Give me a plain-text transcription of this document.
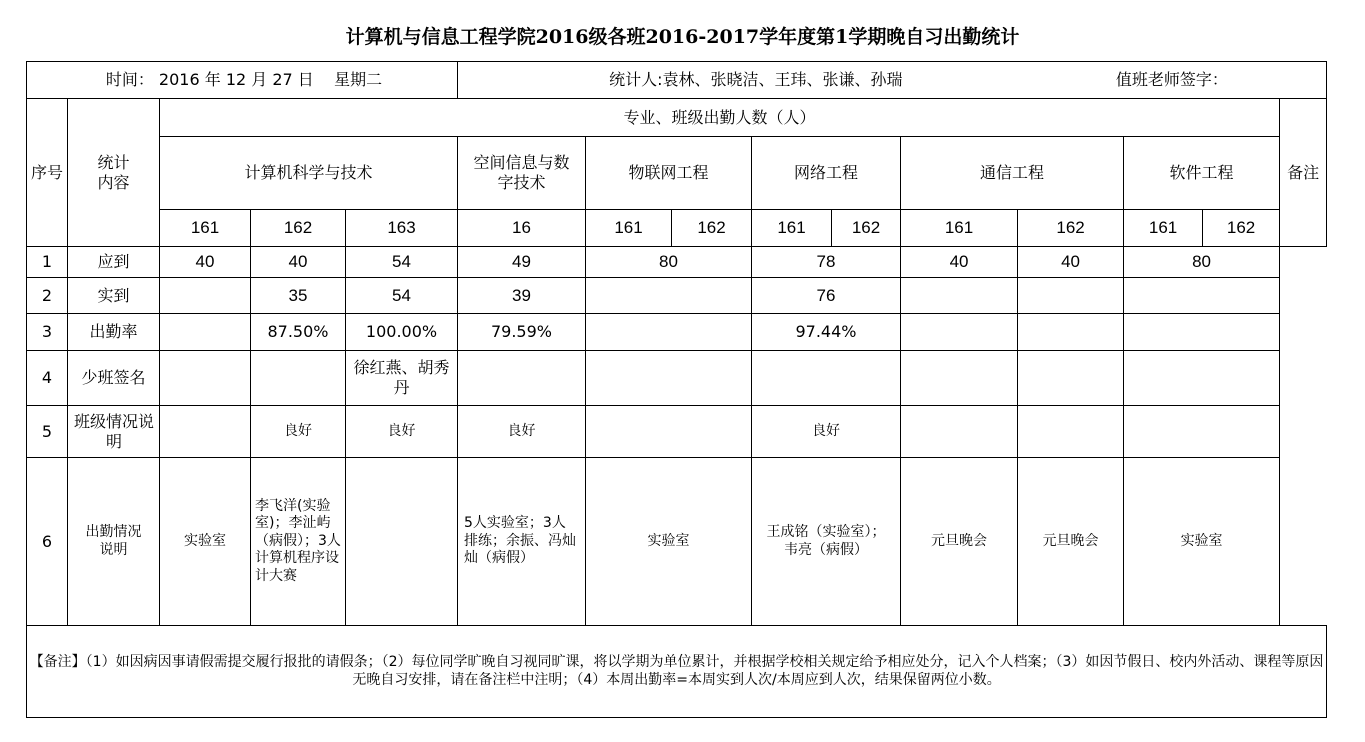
计算机与信息工程学院2016级各班2016-2017学年度第1学期晚自习出勤统计
时间： 2016 年 12 月 27 日    星期二					统计人:袁林、张晓洁、王玮、张谦、孙瑞						值班老师签字：			
序号	统计内容	专业、班级出勤人数（人）												备注
		计算机科学与技术			空间信息与数字技术	物联网工程		网络工程		通信工程		软件工程		
		161	162	163	16	161	162	161	162	161	162	161	162	
1	应到	40	40	54	49	80		78		40	40	80		
2	实到		35	54	39			76						
3	出勤率		87.50%	100.00%	79.59%			97.44%						
4	少班签名			徐红燕、胡秀丹										
5	班级情况说明		良好	良好	良好			良好						
6	出勤情况说明	实验室	李飞洋(实验室)；李沚屿（病假）；3人计算机程序设计大赛		5人实验室；3人排练；余振、冯灿灿（病假）	实验室		王成铭（实验室）；韦亮（病假）		元旦晚会	元旦晚会	实验室		
【备注】（1）如因病因事请假需提交履行报批的请假条；（2）每位同学旷晚自习视同旷课，将以学期为单位累计，并根据学校相关规定给予相应处分，记入个人档案；（3）如因节假日、校内外活动、课程等原因无晚自习安排，请在备注栏中注明；（4）本周出勤率=本周实到人次/本周应到人次，结果保留两位小数。														
